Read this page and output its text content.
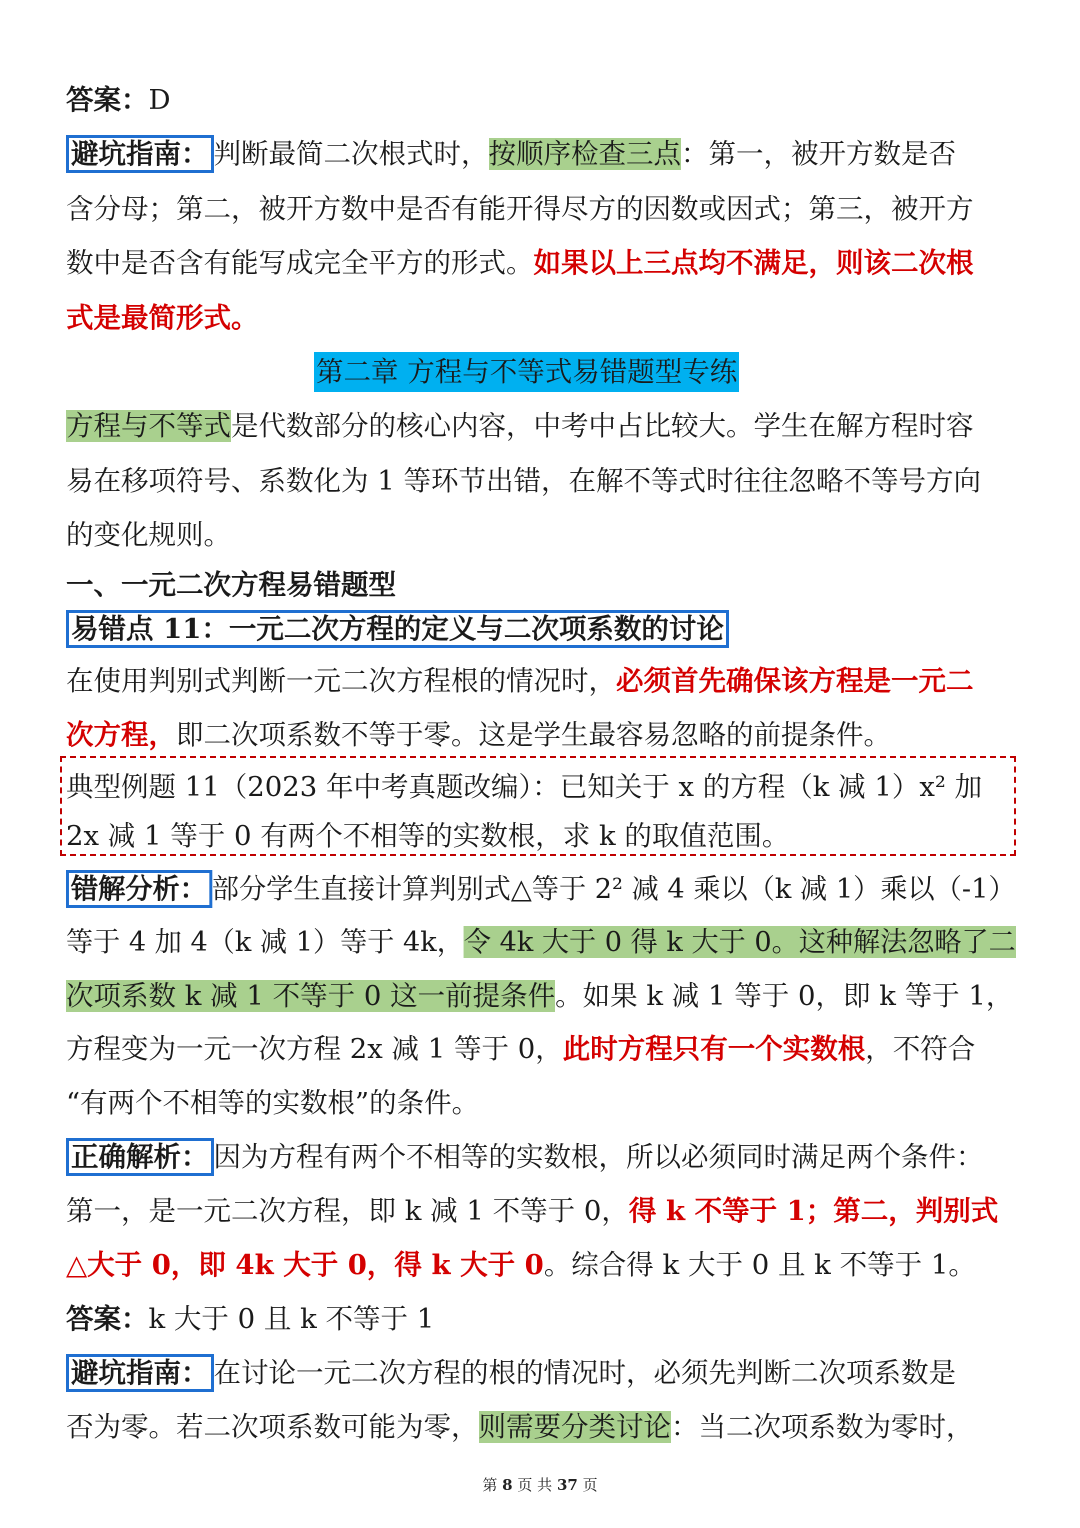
答案：D
避坑指南： 判断最简二次根式时，按顺序检查三点：第一，被开方数是否
含分母；第二，被开方数中是否有能开得尽方的因数或因式；第三，被开方
数中是否含有能写成完全平方的形式。如果以上三点均不满足，则该二次根
式是最简形式。
第二章 方程与不等式易错题型专练
方程与不等式是代数部分的核心内容，中考中占比较大。学生在解方程时容
易在移项符号、系数化为 1 等环节出错，在解不等式时往往忽略不等号方向
的变化规则。
一、一元二次方程易错题型
易错点 11：一元二次方程的定义与二次项系数的讨论
在使用判别式判断一元二次方程根的情况时，必须首先确保该方程是一元二
次方程，即二次项系数不等于零。这是学生最容易忽略的前提条件。
典型例题 11（2023 年中考真题改编）：已知关于 x 的方程（k 减 1）x² 加
2x 减 1 等于 0 有两个不相等的实数根，求 k 的取值范围。
错解分析： 部分学生直接计算判别式△等于 2² 减 4 乘以（k 减 1）乘以（-1）
等于 4 加 4（k 减 1）等于 4k，令 4k 大于 0 得 k 大于 0。这种解法忽略了二
次项系数 k 减 1 不等于 0 这一前提条件。如果 k 减 1 等于 0，即 k 等于 1，
方程变为一元一次方程 2x 减 1 等于 0，此时方程只有一个实数根，不符合
“有两个不相等的实数根”的条件。
正确解析： 因为方程有两个不相等的实数根，所以必须同时满足两个条件：
第一，是一元二次方程，即 k 减 1 不等于 0，得 k 不等于 1；第二，判别式
△大于 0，即 4k 大于 0，得 k 大于 0。综合得 k 大于 0 且 k 不等于 1。
答案：k 大于 0 且 k 不等于 1
避坑指南： 在讨论一元二次方程的根的情况时，必须先判断二次项系数是
否为零。若二次项系数可能为零，则需要分类讨论：当二次项系数为零时，
第 8 页 共 37 页
